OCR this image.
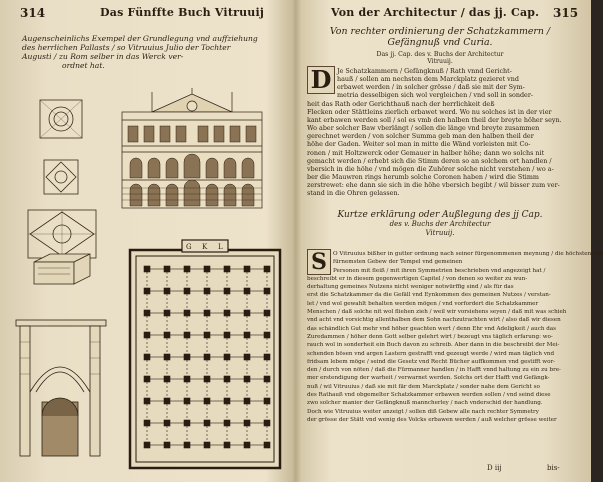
314	Das Fünffte Buch Vitruuij
Augenscheinlichs Exempel der Grundlegung vnd auffziehung
des herrlichen Pallasts / so Vitruuius Julio der Tochter
Augusti / zu Rom selber in das Werck ver-
ordnet hat.
G K L
Von der Architectur / das jj. Cap. 315
Von rechter ordinierung der Schatzkammern /
Gefängnuß vnd Curia.
Das jj. Cap. des v. Buchs der Architectur
Vitruuij.
D Je Schatzkammern / Gefängknuß / Rath vnnd Gericht-
hauß / sollen am nechsten dem Marckplatz gezieret vnd
erbawet werden / in solcher grösse / daß sie mit der Sym-
metria desselbigen sich wol vergleichen / vnd soll in sonder-
heit das Rath oder Gerichthauß nach der herrlichkeit deß
Flecken oder Stättleins zierlich erbawet werd. Wo nu solches ist in der vier
kant erbawen werden soll / sol es vmb den halben theil der breyte höher seyn.
Wo aber solcher Baw vberlängt / sollen die länge vnd breyte zusammen
gerechnet werden / von solcher Summa geb man den halben theil der
höhe der Gaden. Weiter sol man in mitte die Wänd vorleisten mit Co-
ronen / mit Holtzwerck oder Gemauer in halber höhe; dann wo solchs nit
gemacht werden / erhebt sich die Stimm deren so an solchem ort handlen /
vbersich in die höhe / vnd mögen die Zuhörer solche nicht verstehen / wo a-
ber die Mauwren rings herumb solche Coronen haben / wird die Stimm
zerstrewet: ehe dann sie sich in die höhe vbersich begibt / wil bisser zum ver-
stand in die Ohren gelassen.
Kurtze erklärung oder Außlegung des jj Cap.
des v. Buchs der Architectur
Vitruuij.
S	O Vitruuius bißher in gutter ordnung nach seiner fürgenommenen meynung / die höchsten vnd
fürnemsten Gebew der Tempel vnd gemeinen
Personen mit fleiß / mit ihren Symmetrien beschrieben vnd angezeigt hat /
beschreibt er in diesem gegenwertigen Capitel / von denen so weiter zu wun-
derhaltung gemeines Nutzens nicht weniger notwürffig sind / als für das
erst die Schatzkammer da die Gefäll vnd Eynkommen des gemeinen Nutzes / verstan-
let / vnd wol gewahlt behalten werden mögen / vnd vorfordert die Schatzkammer
Menschen / daß solche nit wol fliehen zieh / weil wir vorsiehens seyen / daß mit was schieh
vnd acht vnd vorsichtig allenthalben dem Sohn nachzutrachten wirt / also daß wir diesen
das schändlich Gut mehr vnd höher geachten wert / denn Ehr vnd Adeligkeit / auch das
Zuredammen / höher denn Gott selber gelehrt wirt / bezeugt vns täglich erfarung: wo-
rauch wol in sonderheit ein Buch davon zu schreib. Aber dann in die beschreibt der Mei-
schenden bösen vnd argen Lastern gestrafft vnd gezeugt werde / wird man täglich vnd
fridsam lebem möge / seind die Gesetz vnd Recht Bücher auffkommen vnd gestifft wor-
den / durch von nöten / daß die Fürmanner handlen / in Hafft vnnd haltung zu ein zu bre-
mer erstendigung der warheit / verwarnet werden. Solchs ort der Hafft vnd Gefängk-
nuß / wil Vitruuius / daß sie mit fär dem Marckplatz / sonder nahe dem Gericht so
des Rathauß vnd obgemelter Schatzkammer erbawen werden sollen / vnd seind diese
zwo solcher manier der Gefängknuß manncherley / nach vnderschid der handlung.
Doch wie Vitruuius weiter anzeigt / sollen diß Gebew alle nach rechter Symmetry
der grösse der Stätt vnd wenig des Volcks erbawen werden / auß welcher grösse weiter
D iij	bis-
